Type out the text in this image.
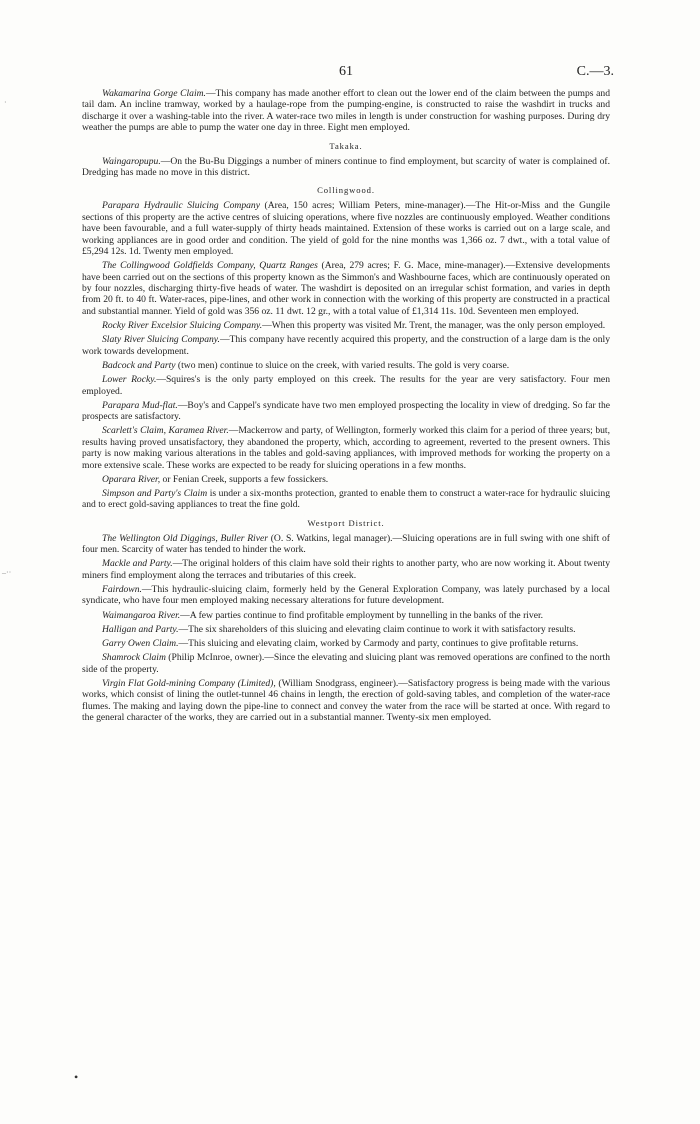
·
–··
•
61	C.—3.

Wakamarina Gorge Claim.—This company has made another effort to clean out the lower end of the claim between the pumps and tail dam. An incline tramway, worked by a haulage-rope from the pumping-engine, is constructed to raise the washdirt in trucks and discharge it over a washing-table into the river. A water-race two miles in length is under construction for washing purposes. During dry weather the pumps are able to pump the water one day in three. Eight men employed.

Takaka.

Waingaropupu.—On the Bu-Bu Diggings a number of miners continue to find employment, but scarcity of water is complained of. Dredging has made no move in this district.

Collingwood.

Parapara Hydraulic Sluicing Company (Area, 150 acres; William Peters, mine-manager).—The Hit-or-Miss and the Gungile sections of this property are the active centres of sluicing operations, where five nozzles are continuously employed. Weather conditions have been favourable, and a full water-supply of thirty heads maintained. Extension of these works is carried out on a large scale, and working appliances are in good order and condition. The yield of gold for the nine months was 1,366 oz. 7 dwt., with a total value of £5,294 12s. 1d. Twenty men employed.

The Collingwood Goldfields Company, Quartz Ranges (Area, 279 acres; F. G. Mace, mine-manager).—Extensive developments have been carried out on the sections of this property known as the Simmon's and Washbourne faces, which are continuously operated on by four nozzles, discharging thirty-five heads of water. The washdirt is deposited on an irregular schist formation, and varies in depth from 20 ft. to 40 ft. Water-races, pipe-lines, and other work in connection with the working of this property are constructed in a practical and substantial manner. Yield of gold was 356 oz. 11 dwt. 12 gr., with a total value of £1,314 11s. 10d. Seventeen men employed.

Rocky River Excelsior Sluicing Company.—When this property was visited Mr. Trent, the manager, was the only person employed.

Slaty River Sluicing Company.—This company have recently acquired this property, and the construction of a large dam is the only work towards development.

Badcock and Party (two men) continue to sluice on the creek, with varied results. The gold is very coarse.

Lower Rocky.—Squires's is the only party employed on this creek. The results for the year are very satisfactory. Four men employed.

Parapara Mud-flat.—Boy's and Cappel's syndicate have two men employed prospecting the locality in view of dredging. So far the prospects are satisfactory.

Scarlett's Claim, Karamea River.—Mackerrow and party, of Wellington, formerly worked this claim for a period of three years; but, results having proved unsatisfactory, they abandoned the property, which, according to agreement, reverted to the present owners. This party is now making various alterations in the tables and gold-saving appliances, with improved methods for working the property on a more extensive scale. These works are expected to be ready for sluicing operations in a few months.

Oparara River, or Fenian Creek, supports a few fossickers.

Simpson and Party's Claim is under a six-months protection, granted to enable them to construct a water-race for hydraulic sluicing and to erect gold-saving appliances to treat the fine gold.

Westport District.

The Wellington Old Diggings, Buller River (O. S. Watkins, legal manager).—Sluicing operations are in full swing with one shift of four men. Scarcity of water has tended to hinder the work.

Mackle and Party.—The original holders of this claim have sold their rights to another party, who are now working it. About twenty miners find employment along the terraces and tributaries of this creek.

Fairdown.—This hydraulic-sluicing claim, formerly held by the General Exploration Company, was lately purchased by a local syndicate, who have four men employed making necessary alterations for future development.

Waimangaroa River.—A few parties continue to find profitable employment by tunnelling in the banks of the river.

Halligan and Party.—The six shareholders of this sluicing and elevating claim continue to work it with satisfactory results.

Garry Owen Claim.—This sluicing and elevating claim, worked by Carmody and party, continues to give profitable returns.

Shamrock Claim (Philip McInroe, owner).—Since the elevating and sluicing plant was removed operations are confined to the north side of the property.

Virgin Flat Gold-mining Company (Limited), (William Snodgrass, engineer).—Satisfactory progress is being made with the various works, which consist of lining the outlet-tunnel 46 chains in length, the erection of gold-saving tables, and completion of the water-race flumes. The making and laying down the pipe-line to connect and convey the water from the race will be started at once. With regard to the general character of the works, they are carried out in a substantial manner. Twenty-six men employed.
